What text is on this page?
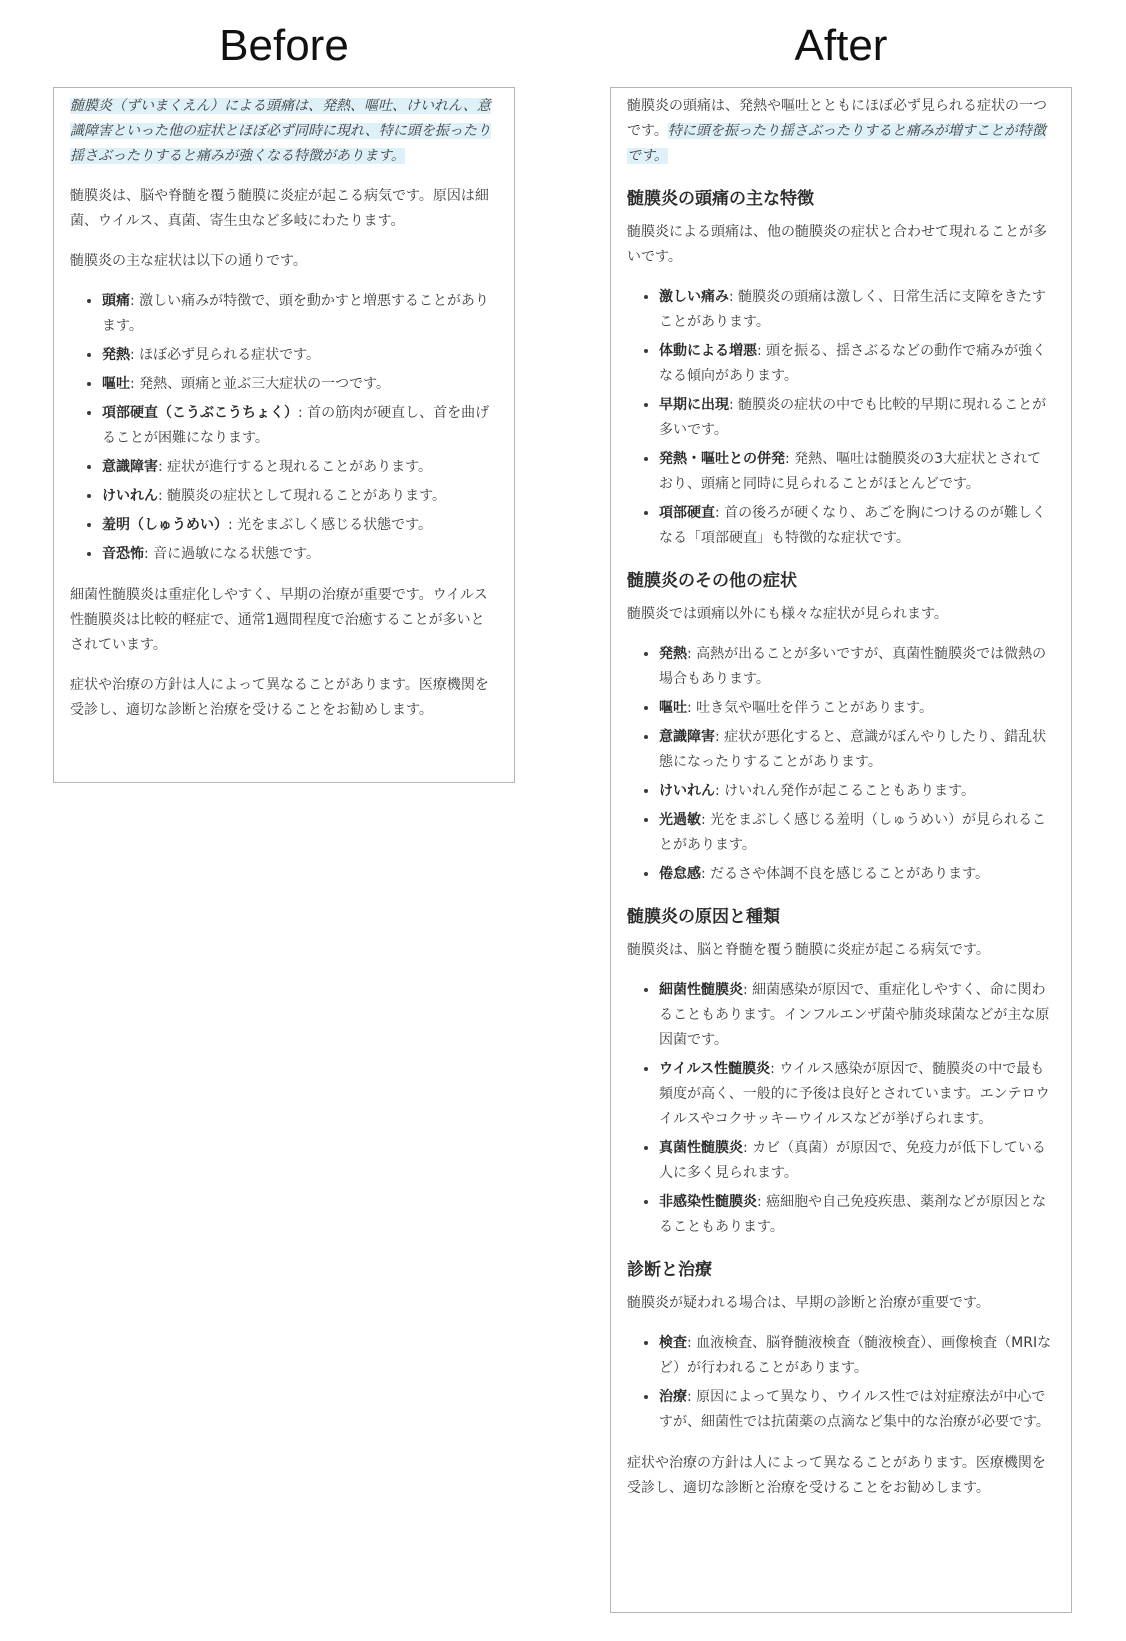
Before	After

髄膜炎（ずいまくえん）による頭痛は、発熱、嘔吐、けいれん、意識障害といった他の症状とほぼ必ず同時に現れ、特に頭を振ったり揺さぶったりすると痛みが強くなる特徴があります。

髄膜炎は、脳や脊髄を覆う髄膜に炎症が起こる病気です。原因は細菌、ウイルス、真菌、寄生虫など多岐にわたります。

髄膜炎の主な症状は以下の通りです。

• 頭痛: 激しい痛みが特徴で、頭を動かすと増悪することがあります。
• 発熱: ほぼ必ず見られる症状です。
• 嘔吐: 発熱、頭痛と並ぶ三大症状の一つです。
• 項部硬直（こうぶこうちょく）: 首の筋肉が硬直し、首を曲げることが困難になります。
• 意識障害: 症状が進行すると現れることがあります。
• けいれん: 髄膜炎の症状として現れることがあります。
• 羞明（しゅうめい）: 光をまぶしく感じる状態です。
• 音恐怖: 音に過敏になる状態です。

細菌性髄膜炎は重症化しやすく、早期の治療が重要です。ウイルス性髄膜炎は比較的軽症で、通常1週間程度で治癒することが多いとされています。

症状や治療の方針は人によって異なることがあります。医療機関を受診し、適切な診断と治療を受けることをお勧めします。

髄膜炎の頭痛は、発熱や嘔吐とともにほぼ必ず見られる症状の一つです。特に頭を振ったり揺さぶったりすると痛みが増すことが特徴です。

髄膜炎の頭痛の主な特徴

髄膜炎による頭痛は、他の髄膜炎の症状と合わせて現れることが多いです。

• 激しい痛み: 髄膜炎の頭痛は激しく、日常生活に支障をきたすことがあります。
• 体動による増悪: 頭を振る、揺さぶるなどの動作で痛みが強くなる傾向があります。
• 早期に出現: 髄膜炎の症状の中でも比較的早期に現れることが多いです。
• 発熱・嘔吐との併発: 発熱、嘔吐は髄膜炎の3大症状とされており、頭痛と同時に見られることがほとんどです。
• 項部硬直: 首の後ろが硬くなり、あごを胸につけるのが難しくなる「項部硬直」も特徴的な症状です。
髄膜炎のその他の症状

髄膜炎では頭痛以外にも様々な症状が見られます。

• 発熱: 高熱が出ることが多いですが、真菌性髄膜炎では微熱の場合もあります。
• 嘔吐: 吐き気や嘔吐を伴うことがあります。
• 意識障害: 症状が悪化すると、意識がぼんやりしたり、錯乱状態になったりすることがあります。
• けいれん: けいれん発作が起こることもあります。
• 光過敏: 光をまぶしく感じる羞明（しゅうめい）が見られることがあります。
• 倦怠感: だるさや体調不良を感じることがあります。
髄膜炎の原因と種類

髄膜炎は、脳と脊髄を覆う髄膜に炎症が起こる病気です。

• 細菌性髄膜炎: 細菌感染が原因で、重症化しやすく、命に関わることもあります。インフルエンザ菌や肺炎球菌などが主な原因菌です。
• ウイルス性髄膜炎: ウイルス感染が原因で、髄膜炎の中で最も頻度が高く、一般的に予後は良好とされています。エンテロウイルスやコクサッキーウイルスなどが挙げられます。
• 真菌性髄膜炎: カビ（真菌）が原因で、免疫力が低下している人に多く見られます。
• 非感染性髄膜炎: 癌細胞や自己免疫疾患、薬剤などが原因となることもあります。
診断と治療

髄膜炎が疑われる場合は、早期の診断と治療が重要です。

• 検査: 血液検査、脳脊髄液検査（髄液検査）、画像検査（MRIなど）が行われることがあります。
• 治療: 原因によって異なり、ウイルス性では対症療法が中心ですが、細菌性では抗菌薬の点滴など集中的な治療が必要です。

症状や治療の方針は人によって異なることがあります。医療機関を受診し、適切な診断と治療を受けることをお勧めします。
